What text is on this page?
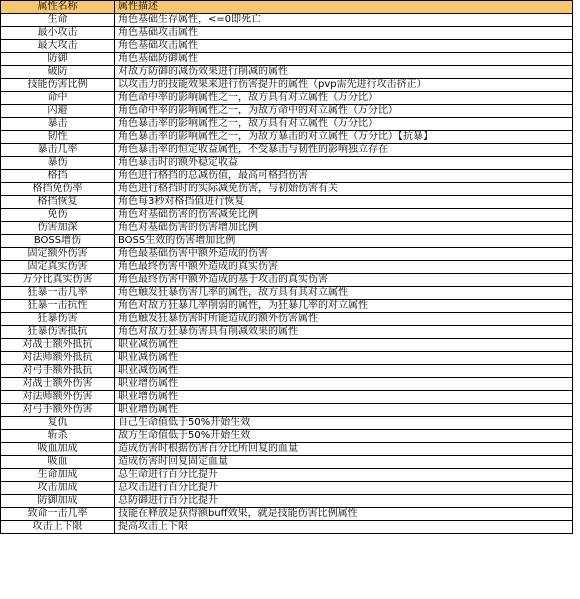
属性名称	属性描述
生命	角色基础生存属性，<=0即死亡
最小攻击	角色基础攻击属性
最大攻击	角色基础攻击属性
防御	角色基础防御属性
破防	对敌方防御的减伤效果进行削减的属性
技能伤害比例	以攻击力的技能效果来进行伤害提升的属性（pvp需先进行攻击挤正）
命中	角色命中率的影响属性之一，敌方具有对立属性（万分比）
闪避	角色命中率的影响属性之一，为敌方命中的对立属性（万分比）
暴击	角色暴击率的影响属性之一，敌方具有对立属性（万分比）
韧性	角色暴击率的影响属性之一，为敌方暴击的对立属性（万分比）【抗暴】
暴击几率	角色暴击率的恒定收益属性，不受暴击与韧性的影响独立存在
暴伤	角色暴击时的额外稳定收益
格挡	角色进行格挡的总减伤值，最高可格挡伤害
格挡免伤率	角色进行格挡时的实际减免伤害，与初始伤害有关
格挡恢复	角色每3秒对格挡值进行恢复
免伤	角色对基础伤害的伤害减免比例
伤害加深	角色对基础伤害的伤害增加比例
BOSS增伤	BOSS生效的伤害增加比例
固定额外伤害	角色最基础伤害中额外造成的伤害
固定真实伤害	角色最终伤害中额外造成的真实伤害
万分比真实伤害	角色最终伤害中额外造成的基于攻击的真实伤害
狂暴一击几率	角色触发狂暴伤害几率的属性，敌方具有其对立属性
狂暴一击抗性	角色对敌方狂暴几率削弱的属性，为狂暴几率的对立属性
狂暴伤害	角色触发狂暴伤害时所能造成的额外伤害属性
狂暴伤害抵抗	角色对敌方狂暴伤害具有削减效果的属性
对战士额外抵抗	职业减伤属性
对法师额外抵抗	职业减伤属性
对弓手额外抵抗	职业减伤属性
对战士额外伤害	职业增伤属性
对法师额外伤害	职业增伤属性
对弓手额外伤害	职业增伤属性
复仇	自己生命值低于50%开始生效
斩杀	敌方生命值低于50%开始生效
吸血加成	造成伤害时根据伤害百分比所回复的血量
吸血	造成伤害时回复固定血量
生命加成	总生命进行百分比提升
攻击加成	总攻击进行百分比提升
防御加成	总防御进行百分比提升
致命一击几率	技能在释放是获得额buff效果，就是技能伤害比例属性
攻击上下限	提高攻击上下限
